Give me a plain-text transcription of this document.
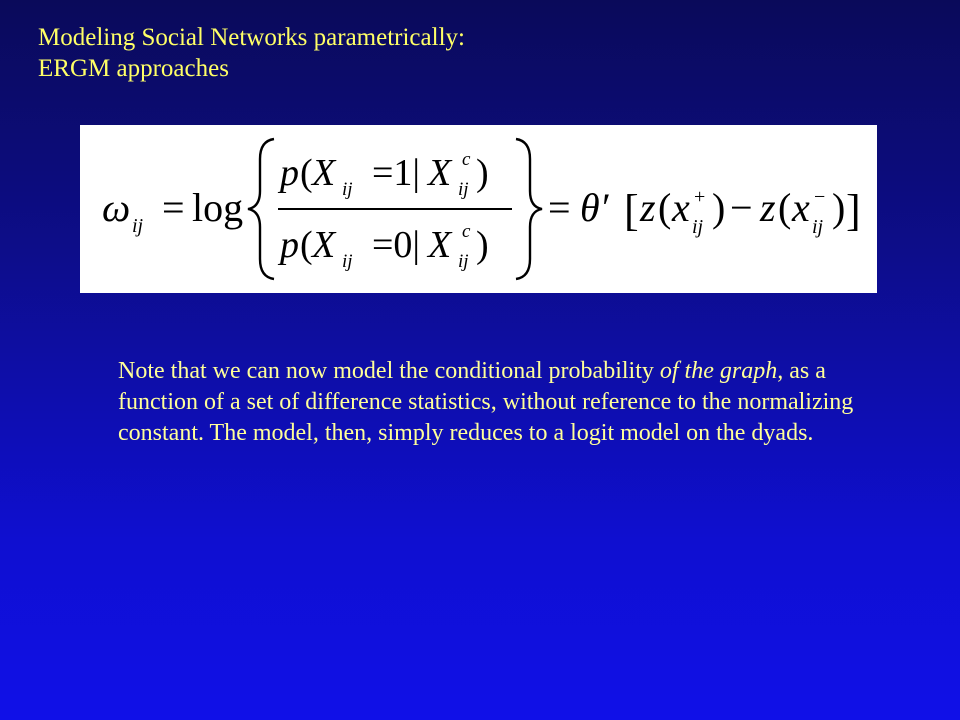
Modeling Social Networks parametrically:
ERGM approaches
ω ij = log
p ( X ij =1| X c
ij )
p ( X ij =0| X c
ij )
= θ′ [ z ( x +
ij ) − z ( x −
ij ) ]

Note that we can now model the conditional probability of the graph, as a function of a set of difference statistics, without reference to the normalizing constant. The model, then, simply reduces to a logit model on the dyads.
